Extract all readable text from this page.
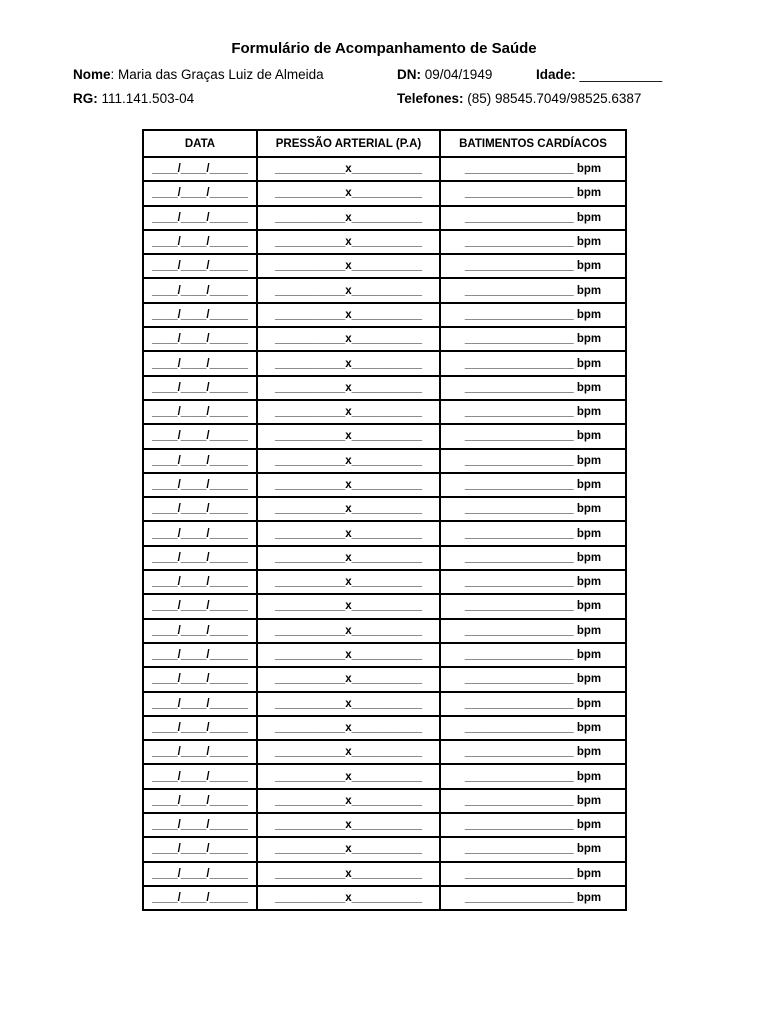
Formulário de Acompanhamento de Saúde
Nome: Maria das Graças Luiz de Almeida	DN: 09/04/1949	Idade: ___________
RG: 111.141.503-04	Telefones: (85) 98545.7049/98525.6387
DATA	PRESSÃO ARTERIAL (P.A)	BATIMENTOS CARDÍACOS
____/____/______	___________x___________	_________________ bpm
____/____/______	___________x___________	_________________ bpm
____/____/______	___________x___________	_________________ bpm
____/____/______	___________x___________	_________________ bpm
____/____/______	___________x___________	_________________ bpm
____/____/______	___________x___________	_________________ bpm
____/____/______	___________x___________	_________________ bpm
____/____/______	___________x___________	_________________ bpm
____/____/______	___________x___________	_________________ bpm
____/____/______	___________x___________	_________________ bpm
____/____/______	___________x___________	_________________ bpm
____/____/______	___________x___________	_________________ bpm
____/____/______	___________x___________	_________________ bpm
____/____/______	___________x___________	_________________ bpm
____/____/______	___________x___________	_________________ bpm
____/____/______	___________x___________	_________________ bpm
____/____/______	___________x___________	_________________ bpm
____/____/______	___________x___________	_________________ bpm
____/____/______	___________x___________	_________________ bpm
____/____/______	___________x___________	_________________ bpm
____/____/______	___________x___________	_________________ bpm
____/____/______	___________x___________	_________________ bpm
____/____/______	___________x___________	_________________ bpm
____/____/______	___________x___________	_________________ bpm
____/____/______	___________x___________	_________________ bpm
____/____/______	___________x___________	_________________ bpm
____/____/______	___________x___________	_________________ bpm
____/____/______	___________x___________	_________________ bpm
____/____/______	___________x___________	_________________ bpm
____/____/______	___________x___________	_________________ bpm
____/____/______	___________x___________	_________________ bpm
